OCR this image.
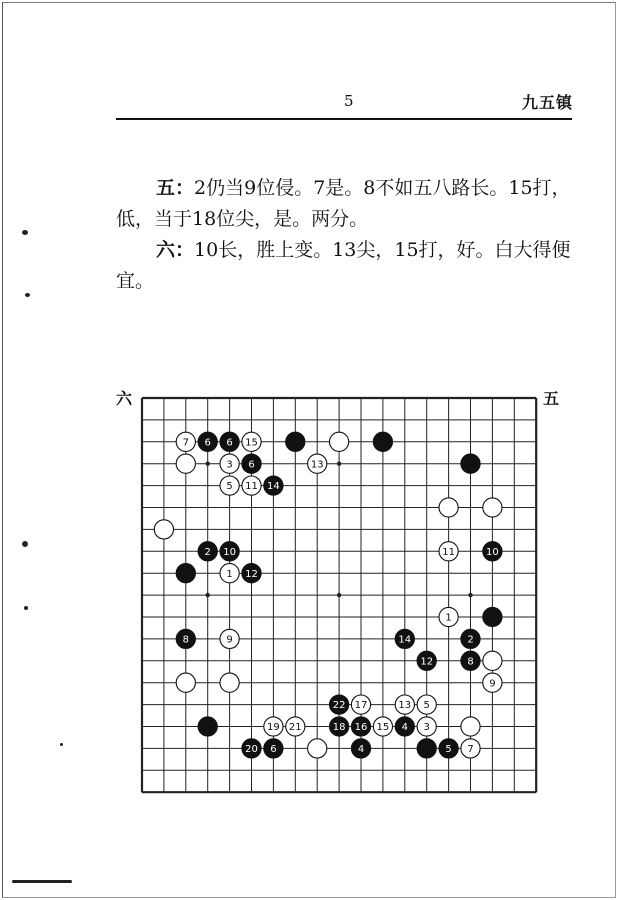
5	九五镇

五：2仍当9位侵。7是。8不如五八路长。15打，低，当于18位尖，是。两分。

六：10长，胜上变。13尖，15打，好。白大得便宜。

六	五
7 6 6 15
3 6	13
5 11 14
2 10	11	10
1 12
1
8	9	14	2
12	8
9
22 17	13 5
19 21	18 16 15 4 3
20 6	4	5 7
